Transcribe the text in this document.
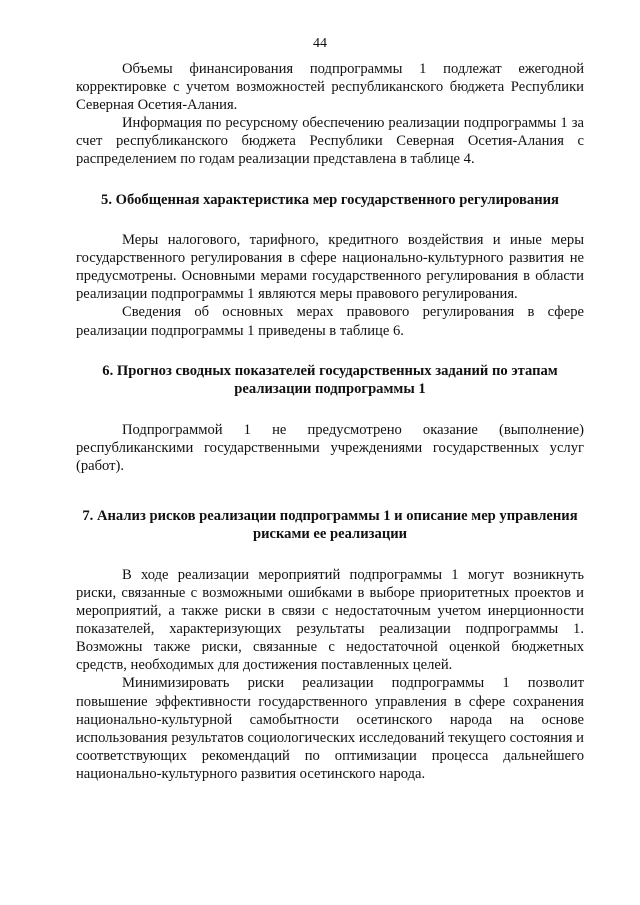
44

Объемы финансирования подпрограммы 1 подлежат ежегодной корректировке с учетом возможностей республиканского бюджета Республики Северная Осетия-Алания.

Информация по ресурсному обеспечению реализации подпрограммы 1 за счет республиканского бюджета Республики Северная Осетия-Алания с распределением по годам реализации представлена в таблице 4.

5. Обобщенная характеристика мер государственного регулирования

Меры налогового, тарифного, кредитного воздействия и иные меры государственного регулирования в сфере национально-культурного развития не предусмотрены. Основными мерами государственного регулирования в области реализации подпрограммы 1 являются меры правового регулирования.

Сведения об основных мерах правового регулирования в сфере реализации подпрограммы 1 приведены в таблице 6.

6. Прогноз сводных показателей государственных заданий по этапам реализации подпрограммы 1

Подпрограммой 1 не предусмотрено оказание (выполнение) республиканскими государственными учреждениями государственных услуг (работ).

7. Анализ рисков реализации подпрограммы 1 и описание мер управления рисками ее реализации

В ходе реализации мероприятий подпрограммы 1 могут возникнуть риски, связанные с возможными ошибками в выборе приоритетных проектов и мероприятий, а также риски в связи с недостаточным учетом инерционности показателей, характеризующих результаты реализации подпрограммы 1. Возможны также риски, связанные с недостаточной оценкой бюджетных средств, необходимых для достижения поставленных целей.

Минимизировать риски реализации подпрограммы 1 позволит повышение эффективности государственного управления в сфере сохранения национально-культурной самобытности осетинского народа на основе использования результатов социологических исследований текущего состояния и соответствующих рекомендаций по оптимизации процесса дальнейшего национально-культурного развития осетинского народа.
